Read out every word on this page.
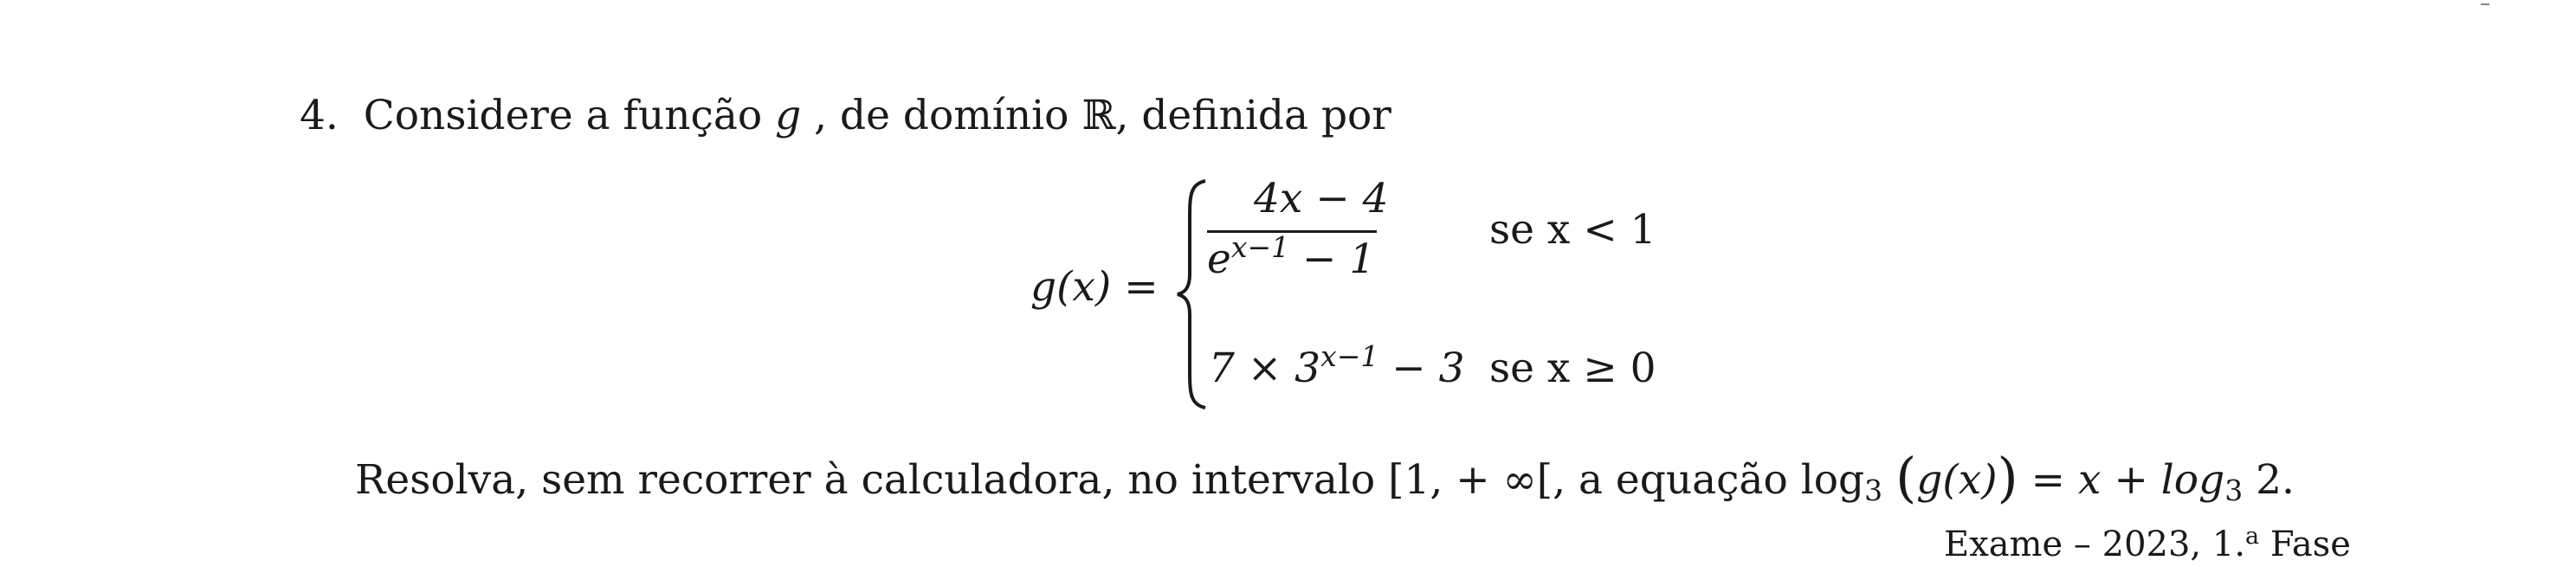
4. Considere a função g , de domínio ℝ, definida por
g(x) =
4x − 4
$e^{x-1} - 1$
se x < 1
$7 \times 3^{x-1} - 3$ se x ≥ 0
Resolva, sem recorrer à calculadora, no intervalo [1, + ∞[, a equação $\log_3 (g(x)) = x + \log_3 2$.
Exame – 2023, 1.$^a$ Fase
